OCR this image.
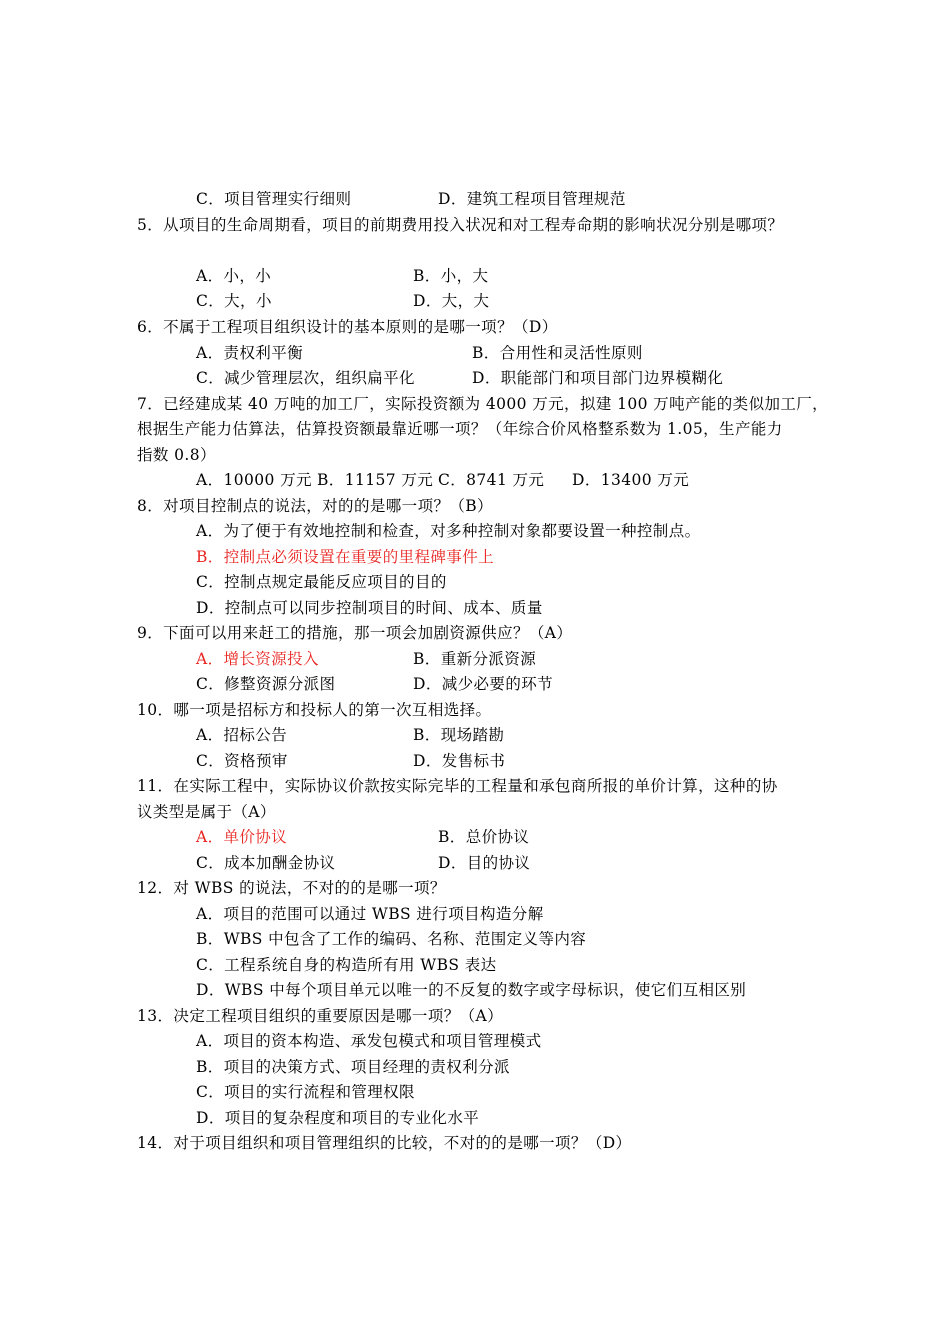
C．项目管理实行细则	D．建筑工程项目管理规范
5．从项目的生命周期看，项目的前期费用投入状况和对工程寿命期的影响状况分别是哪项？
A．小，小	B．小，大
C．大，小	D．大，大
6．不属于工程项目组织设计的基本原则的是哪一项？（D）
A．责权利平衡	B．合用性和灵活性原则
C．减少管理层次，组织扁平化	D．职能部门和项目部门边界模糊化
7．已经建成某 40 万吨的加工厂，实际投资额为 4000 万元，拟建 100 万吨产能的类似加工厂，
根据生产能力估算法，估算投资额最靠近哪一项？（年综合价风格整系数为 1.05，生产能力
指数 0.8）
A．10000 万元 B．11157 万元 C．8741 万元 D．13400 万元
8．对项目控制点的说法，对的的是哪一项？（B）
A．为了便于有效地控制和检查，对多种控制对象都要设置一种控制点。
B．控制点必须设置在重要的里程碑事件上
C．控制点规定最能反应项目的目的
D．控制点可以同步控制项目的时间、成本、质量
9．下面可以用来赶工的措施，那一项会加剧资源供应？（A）
A．增长资源投入	B．重新分派资源
C．修整资源分派图	D．减少必要的环节
10．哪一项是招标方和投标人的第一次互相选择。
A．招标公告	B．现场踏勘
C．资格预审	D．发售标书
11．在实际工程中，实际协议价款按实际完毕的工程量和承包商所报的单价计算，这种的协
议类型是属于（A）
A．单价协议	B．总价协议
C．成本加酬金协议	D．目的协议
12．对 WBS 的说法，不对的的是哪一项？
A．项目的范围可以通过 WBS 进行项目构造分解
B．WBS 中包含了工作的编码、名称、范围定义等内容
C．工程系统自身的构造所有用 WBS 表达
D．WBS 中每个项目单元以唯一的不反复的数字或字母标识，使它们互相区别
13．决定工程项目组织的重要原因是哪一项？（A）
A．项目的资本构造、承发包模式和项目管理模式
B．项目的决策方式、项目经理的责权利分派
C．项目的实行流程和管理权限
D．项目的复杂程度和项目的专业化水平
14．对于项目组织和项目管理组织的比较，不对的的是哪一项？（D）
